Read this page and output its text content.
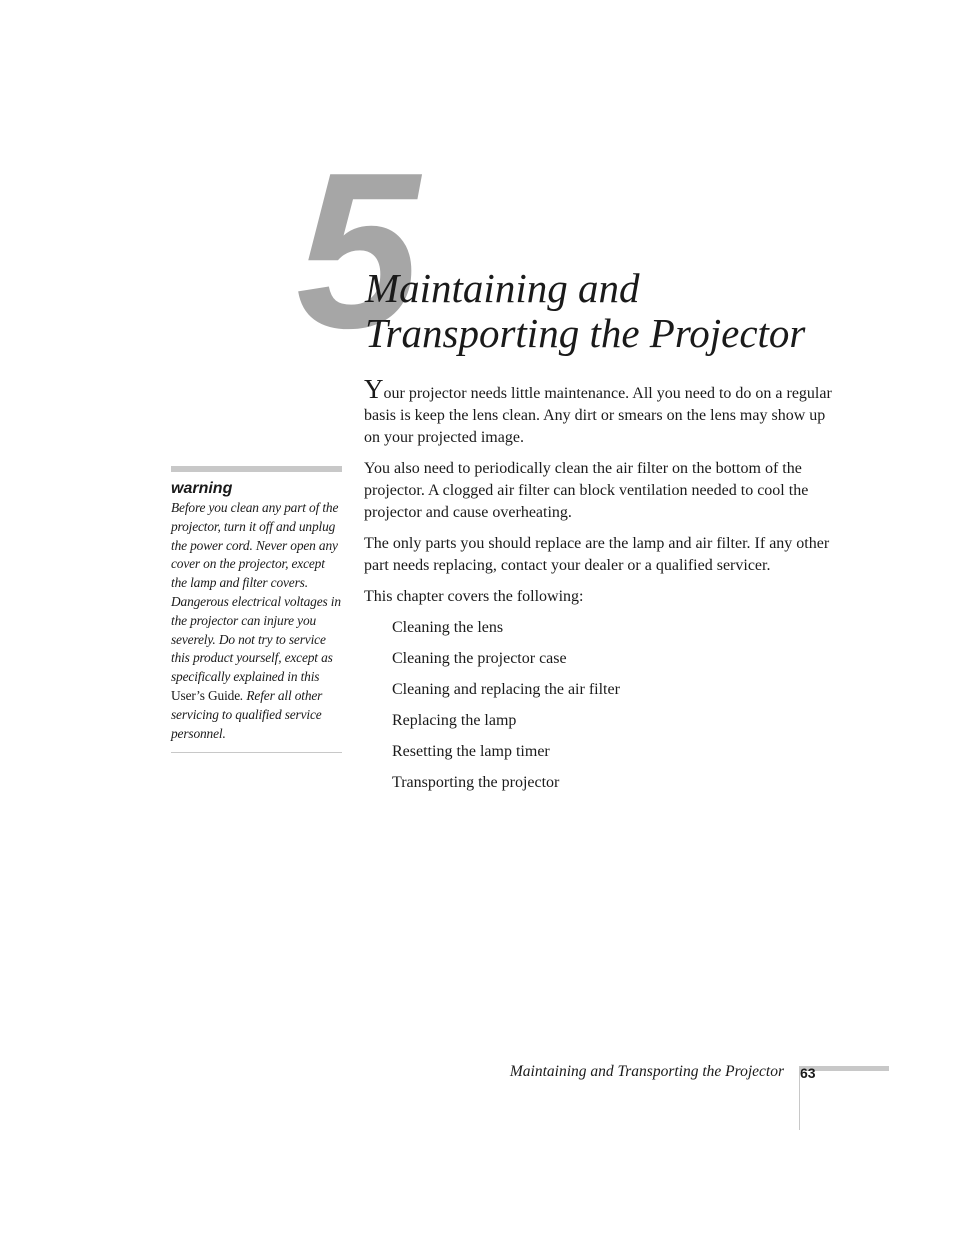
5
Maintaining and
Transporting the Projector
warning
Before you clean any part of the projector, turn it off and unplug the power cord. Never open any cover on the projector, except the lamp and filter covers. Dangerous electrical voltages in the projector can injure you severely. Do not try to service this product yourself, except as specifically explained in this User’s Guide. Refer all other servicing to qualified service personnel.

Your projector needs little maintenance. All you need to do on a regular basis is keep the lens clean. Any dirt or smears on the lens may show up on your projected image.

You also need to periodically clean the air filter on the bottom of the projector. A clogged air filter can block ventilation needed to cool the projector and cause overheating.

The only parts you should replace are the lamp and air filter. If any other part needs replacing, contact your dealer or a qualified servicer.

This chapter covers the following:

Cleaning the lens
Cleaning the projector case
Cleaning and replacing the air filter
Replacing the lamp
Resetting the lamp timer
Transporting the projector
Maintaining and Transporting the Projector 63
